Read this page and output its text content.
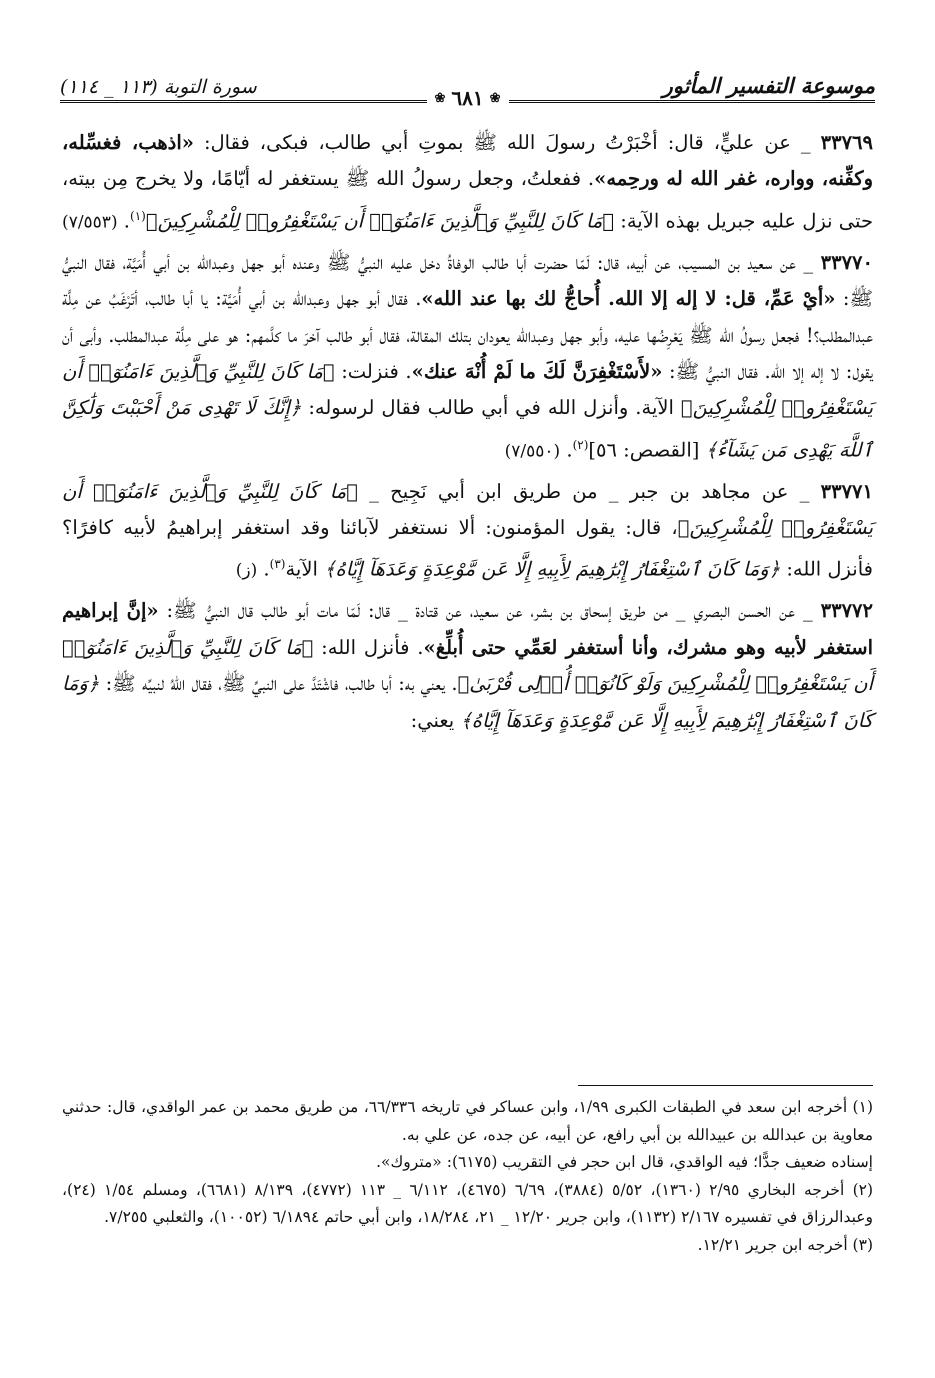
موسوعة التفسير المأثور
سورة التوبة (١١٣ _ ١١٤)	❀
٦٨١
❀

٣٣٧٦٩ _ عن عليٍّ، قال: أخْبَرْتُ رسولَ الله ﷺ بموتِ أبي طالب، فبكى، فقال: «اذهب، فغسِّله، وكفِّنه، وواره، غفر الله له ورحِمه». ففعلتُ، وجعل رسولُ الله ﷺ يستغفر له أيّامًا، ولا يخرج مِن بيته، حتى نزل عليه جبريل بهذه الآية: ﴿مَا كَانَ لِلنَّبِيِّ وَٱلَّذِينَ ءَامَنُوٓا۟ أَن يَسْتَغْفِرُوا۟ لِلْمُشْرِكِينَ﴾$^{(١)}$. (٧/٥٥٣)

٣٣٧٧٠ _ عن سعيد بن المسيب، عن أبيه، قال: لَمّا حضرت أبا طالب الوفاةُ دخل عليه النبيُّ ﷺ وعنده أبو جهل وعبدالله بن أبي أُمَيَّة، فقال النبيُّ ﷺ: «أيْ عَمِّ، قل: لا إله إلا الله. أُحاجُّ لك بها عند الله». فقال أبو جهل وعبدالله بن أبي أُمَيَّة: يا أبا طالب، أتَرْغَبُ عن مِلَّة عبدالمطلب؟! فجعل رسولُ الله ﷺ يَعْرِضُها عليه، وأبو جهل وعبدالله يعودان بتلك المقالة، فقال أبو طالب آخرَ ما كلَّمهم: هو على مِلَّة عبدالمطلب. وأبى أن يقول: لا إله إلا الله. فقال النبيُّ ﷺ: «لأَسْتَغْفِرَنَّ لَكَ ما لَمْ أُنْهَ عنك». فنزلت: ﴿مَا كَانَ لِلنَّبِيِّ وَٱلَّذِينَ ءَامَنُوٓا۟ أَن يَسْتَغْفِرُوا۟ لِلْمُشْرِكِينَ﴾ الآية. وأنزل الله في أبي طالب فقال لرسوله: ﴿إِنَّكَ لَا تَهْدِى مَنْ أَحْبَبْتَ وَلَٰكِنَّ ٱللَّهَ يَهْدِى مَن يَشَآءُ﴾ [القصص: ٥٦]$^{(٢)}$. (٧/٥٥٠)

٣٣٧٧١ _ عن مجاهد بن جبر _ من طريق ابن أبي نَجِيح _ ﴿مَا كَانَ لِلنَّبِيِّ وَٱلَّذِينَ ءَامَنُوٓا۟ أَن يَسْتَغْفِرُوا۟ لِلْمُشْرِكِينَ﴾، قال: يقول المؤمنون: ألا نستغفر لآبائنا وقد استغفر إبراهيمُ لأبيه كافرًا؟ فأنزل الله: ﴿وَمَا كَانَ ٱسْتِغْفَارُ إِبْرَٰهِيمَ لِأَبِيهِ إِلَّا عَن مَّوْعِدَةٍ وَعَدَهَآ إِيَّاهُ﴾ الآية$^{(٣)}$. (ز)

٣٣٧٧٢ _ عن الحسن البصري _ من طريق إسحاق بن بشر، عن سعيد، عن قتادة _ قال: لَمّا مات أبو طالب قال النبيُّ ﷺ: «إنَّ إبراهيم استغفر لأبيه وهو مشرك، وأنا أستغفر لعَمِّي حتى أُبلِّغ». فأنزل الله: ﴿مَا كَانَ لِلنَّبِيِّ وَٱلَّذِينَ ءَامَنُوٓا۟ أَن يَسْتَغْفِرُوا۟ لِلْمُشْرِكِينَ وَلَوْ كَانُوٓا۟ أُو۟لِى قُرْبَىٰ﴾. يعني به: أبا طالب، فاشْتَدَّ على النبيِّ ﷺ، فقال اللهُ لنبيِّه ﷺ: ﴿وَمَا كَانَ ٱسْتِغْفَارُ إِبْرَٰهِيمَ لِأَبِيهِ إِلَّا عَن مَّوْعِدَةٍ وَعَدَهَآ إِيَّاهُ﴾ يعني:

(١) أخرجه ابن سعد في الطبقات الكبرى ١/٩٩، وابن عساكر في تاريخه ٦٦/٣٣٦، من طريق محمد بن عمر الواقدي، قال: حدثني معاوية بن عبدالله بن عبيدالله بن أبي رافع، عن أبيه، عن جده، عن علي به.

إسناده ضعيف جدًّا؛ فيه الواقدي، قال ابن حجر في التقريب (٦١٧٥): «متروك».

(٢) أخرجه البخاري ٢/٩٥ (١٣٦٠)، ٥/٥٢ (٣٨٨٤)، ٦/٦٩ (٤٦٧٥)، ٦/١١٢ _ ١١٣ (٤٧٧٢)، ٨/١٣٩ (٦٦٨١)، ومسلم ١/٥٤ (٢٤)، وعبدالرزاق في تفسيره ٢/١٦٧ (١١٣٢)، وابن جرير ١٢/٢٠ _ ٢١، ١٨/٢٨٤، وابن أبي حاتم ٦/١٨٩٤ (١٠٠٥٢)، والثعلبي ٧/٢٥٥.

(٣) أخرجه ابن جرير ١٢/٢١.
